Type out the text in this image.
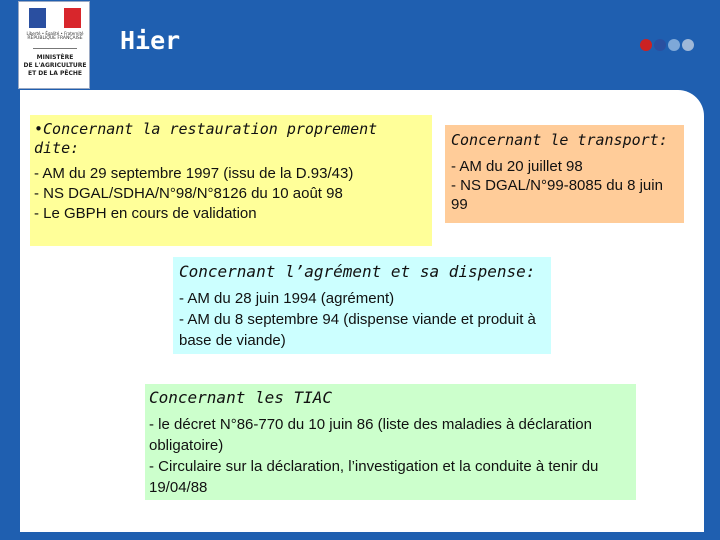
Liberté • Égalité • Fraternité
RÉPUBLIQUE FRANÇAISE
MINISTÈRE
DE L'AGRICULTURE
ET DE LA PÊCHE
Hier
•Concernant la restauration proprement dite:
- AM du 29 septembre 1997 (issu de la D.93/43)
- NS DGAL/SDHA/N°98/N°8126 du 10 août 98
- Le GBPH en cours de validation
Concernant le transport:
- AM du 20 juillet 98
- NS DGAL/N°99-8085 du 8 juin 99
Concernant l’agrément et sa dispense:
- AM du 28 juin 1994 (agrément)
- AM du 8 septembre 94 (dispense viande et produit à base de viande)
Concernant les TIAC
- le décret N°86-770 du 10 juin 86 (liste des maladies à déclaration obligatoire)
- Circulaire sur la déclaration, l’investigation et la conduite à tenir du 19/04/88
